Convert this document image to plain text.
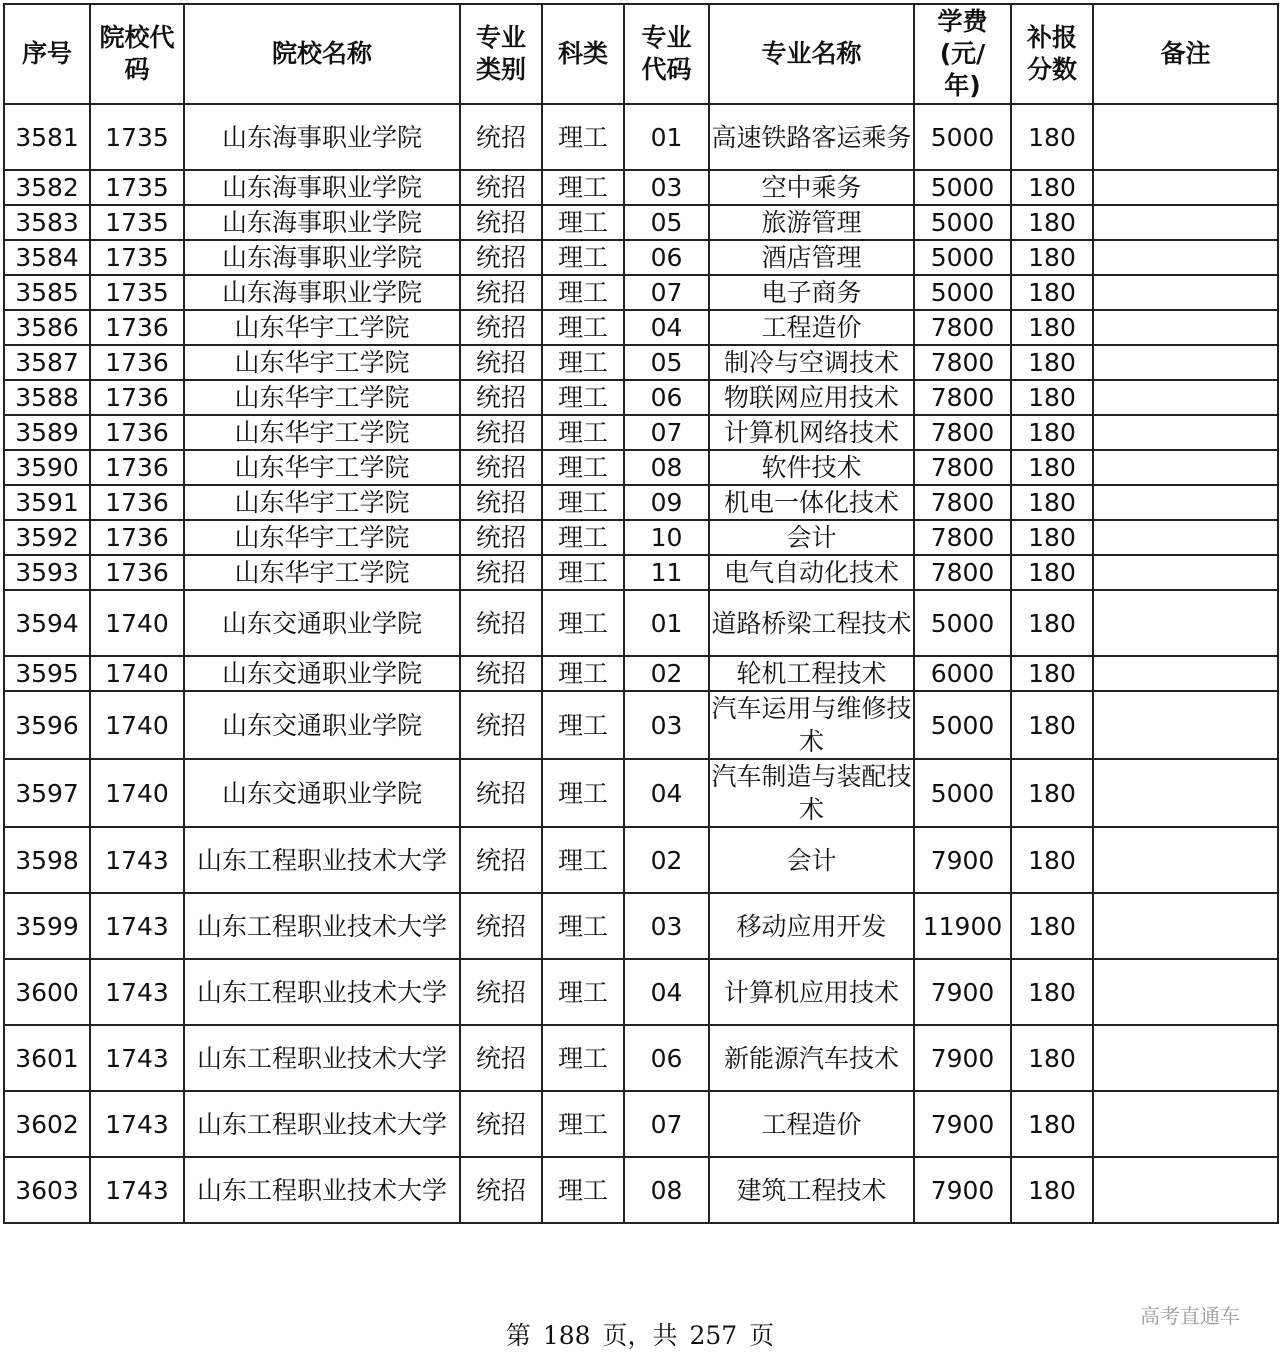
序号	院校代码	院校名称	专业类别	科类	专业代码	专业名称	学费(元/年)	补报分数	备注
3581	1735	山东海事职业学院	统招	理工	01	高速铁路客运乘务	5000	180	
3582	1735	山东海事职业学院	统招	理工	03	空中乘务	5000	180	
3583	1735	山东海事职业学院	统招	理工	05	旅游管理	5000	180	
3584	1735	山东海事职业学院	统招	理工	06	酒店管理	5000	180	
3585	1735	山东海事职业学院	统招	理工	07	电子商务	5000	180	
3586	1736	山东华宇工学院	统招	理工	04	工程造价	7800	180	
3587	1736	山东华宇工学院	统招	理工	05	制冷与空调技术	7800	180	
3588	1736	山东华宇工学院	统招	理工	06	物联网应用技术	7800	180	
3589	1736	山东华宇工学院	统招	理工	07	计算机网络技术	7800	180	
3590	1736	山东华宇工学院	统招	理工	08	软件技术	7800	180	
3591	1736	山东华宇工学院	统招	理工	09	机电一体化技术	7800	180	
3592	1736	山东华宇工学院	统招	理工	10	会计	7800	180	
3593	1736	山东华宇工学院	统招	理工	11	电气自动化技术	7800	180	
3594	1740	山东交通职业学院	统招	理工	01	道路桥梁工程技术	5000	180	
3595	1740	山东交通职业学院	统招	理工	02	轮机工程技术	6000	180	
3596	1740	山东交通职业学院	统招	理工	03	汽车运用与维修技术	5000	180	
3597	1740	山东交通职业学院	统招	理工	04	汽车制造与装配技术	5000	180	
3598	1743	山东工程职业技术大学	统招	理工	02	会计	7900	180	
3599	1743	山东工程职业技术大学	统招	理工	03	移动应用开发	11900	180	
3600	1743	山东工程职业技术大学	统招	理工	04	计算机应用技术	7900	180	
3601	1743	山东工程职业技术大学	统招	理工	06	新能源汽车技术	7900	180	
3602	1743	山东工程职业技术大学	统招	理工	07	工程造价	7900	180	
3603	1743	山东工程职业技术大学	统招	理工	08	建筑工程技术	7900	180	
第 188 页，共 257 页
高考直通车
